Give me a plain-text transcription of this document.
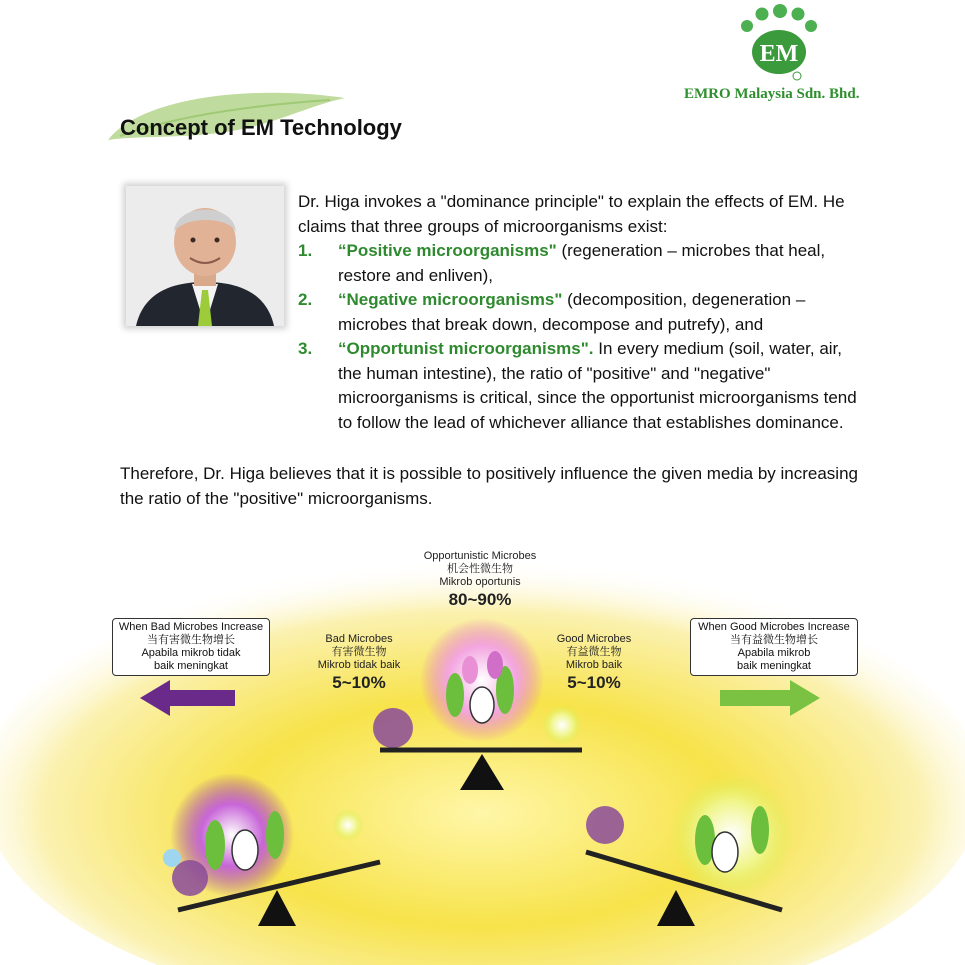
EM
EMRO Malaysia Sdn. Bhd.
Concept of EM Technology
Dr. Higa invokes a "dominance principle" to explain the effects of EM. He claims that three groups of microorganisms exist:
1. “Positive microorganisms" (regeneration – microbes that heal, restore and enliven),
2. “Negative microorganisms" (decomposition, degeneration – microbes that break down, decompose and putrefy), and
3. “Opportunist microorganisms". In every medium (soil, water, air, the human intestine), the ratio of "positive" and "negative" microorganisms is critical, since the opportunist microorganisms tend to follow the lead of whichever alliance that establishes dominance.
Therefore, Dr. Higa believes that it is possible to positively influence the given media by increasing the ratio of the "positive" microorganisms.
Opportunistic Microbes
机会性微生物
Mikrob oportunis
80~90%
Bad Microbes
有害微生物
Mikrob tidak baik
5~10%
Good Microbes
有益微生物
Mikrob baik
5~10%
When Bad Microbes Increase
当有害微生物增长
Apabila mikrob tidak
baik meningkat
When Good Microbes Increase
当有益微生物增长
Apabila mikrob
baik meningkat
